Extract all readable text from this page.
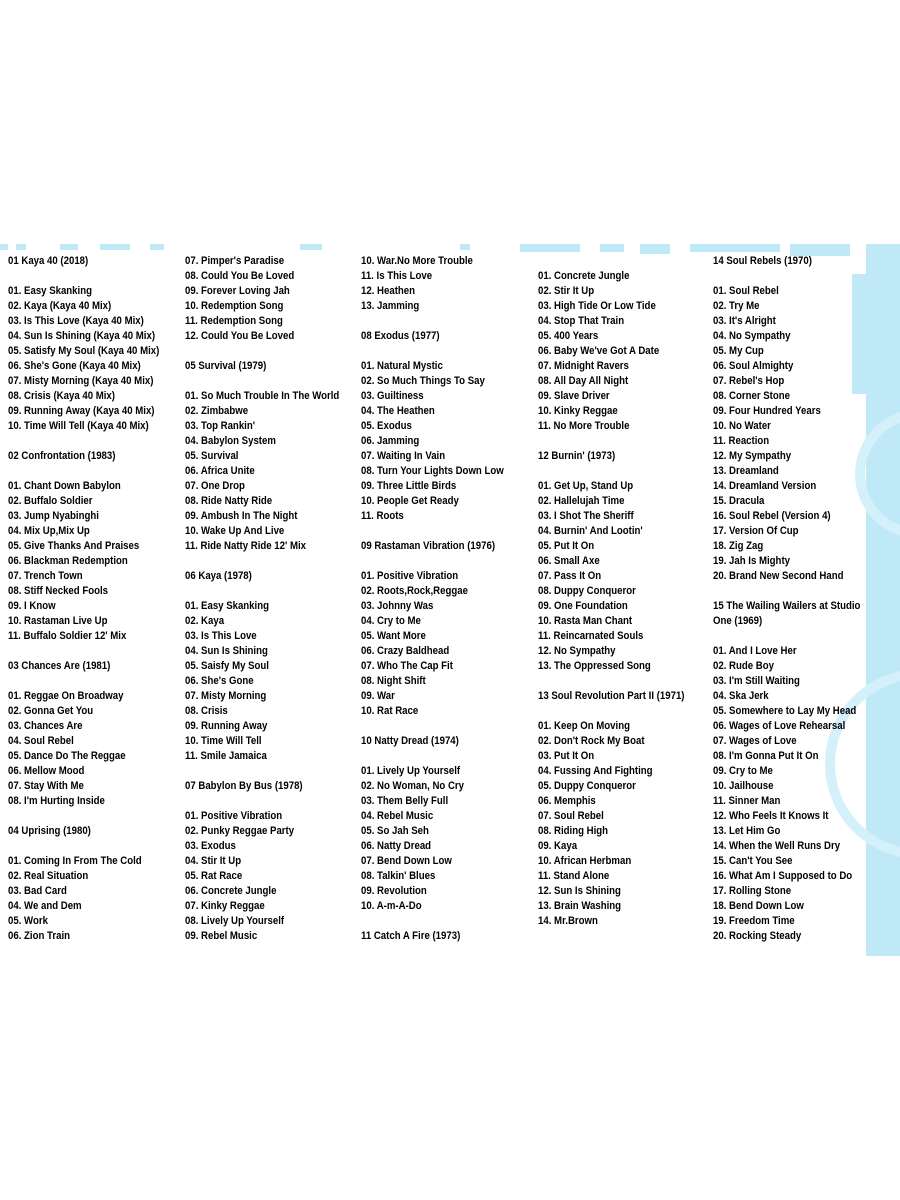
01 Kaya 40 (2018)
01. Easy Skanking
02. Kaya (Kaya 40 Mix)
03. Is This Love (Kaya 40 Mix)
04. Sun Is Shining (Kaya 40 Mix)
05. Satisfy My Soul (Kaya 40 Mix)
06. She's Gone (Kaya 40 Mix)
07. Misty Morning (Kaya 40 Mix)
08. Crisis (Kaya 40 Mix)
09. Running Away (Kaya 40 Mix)
10. Time Will Tell (Kaya 40 Mix)
02 Confrontation (1983)
01. Chant Down Babylon
02. Buffalo Soldier
03. Jump Nyabinghi
04. Mix Up,Mix Up
05. Give Thanks And Praises
06. Blackman Redemption
07. Trench Town
08. Stiff Necked Fools
09. I Know
10. Rastaman Live Up
11. Buffalo Soldier 12' Mix
03 Chances Are (1981)
01. Reggae On Broadway
02. Gonna Get You
03. Chances Are
04. Soul Rebel
05. Dance Do The Reggae
06. Mellow Mood
07. Stay With Me
08. I'm Hurting Inside
04 Uprising (1980)
01. Coming In From The Cold
02. Real Situation
03. Bad Card
04. We and Dem
05. Work
06. Zion Train
07. Pimper's Paradise
08. Could You Be Loved
09. Forever Loving Jah
10. Redemption Song
11. Redemption Song
12. Could You Be Loved
05 Survival (1979)
01. So Much Trouble In The World
02. Zimbabwe
03. Top Rankin'
04. Babylon System
05. Survival
06. Africa Unite
07. One Drop
08. Ride Natty Ride
09. Ambush In The Night
10. Wake Up And Live
11. Ride Natty Ride 12' Mix
06 Kaya (1978)
01. Easy Skanking
02. Kaya
03. Is This Love
04. Sun Is Shining
05. Saisfy My Soul
06. She's Gone
07. Misty Morning
08. Crisis
09. Running Away
10. Time Will Tell
11. Smile Jamaica
07 Babylon By Bus (1978)
01. Positive Vibration
02. Punky Reggae Party
03. Exodus
04. Stir It Up
05. Rat Race
06. Concrete Jungle
07. Kinky Reggae
08. Lively Up Yourself
09. Rebel Music
10. War.No More Trouble
11. Is This Love
12. Heathen
13. Jamming
08 Exodus (1977)
01. Natural Mystic
02. So Much Things To Say
03. Guiltiness
04. The Heathen
05. Exodus
06. Jamming
07. Waiting In Vain
08. Turn Your Lights Down Low
09. Three Little Birds
10. People Get Ready
11. Roots
09 Rastaman Vibration (1976)
01. Positive Vibration
02. Roots,Rock,Reggae
03. Johnny Was
04. Cry to Me
05. Want More
06. Crazy Baldhead
07. Who The Cap Fit
08. Night Shift
09. War
10. Rat Race
10 Natty Dread (1974)
01. Lively Up Yourself
02. No Woman, No Cry
03. Them Belly Full
04. Rebel Music
05. So Jah Seh
06. Natty Dread
07. Bend Down Low
08. Talkin' Blues
09. Revolution
10. A-m-A-Do
11 Catch A Fire (1973)
01. Concrete Jungle
02. Stir It Up
03. High Tide Or Low Tide
04. Stop That Train
05. 400 Years
06. Baby We've Got A Date
07. Midnight Ravers
08. All Day All Night
09. Slave Driver
10. Kinky Reggae
11. No More Trouble
12 Burnin' (1973)
01. Get Up, Stand Up
02. Hallelujah Time
03. I Shot The Sheriff
04. Burnin' And Lootin'
05. Put It On
06. Small Axe
07. Pass It On
08. Duppy Conqueror
09. One Foundation
10. Rasta Man Chant
11. Reincarnated Souls
12. No Sympathy
13. The Oppressed Song
13 Soul Revolution Part II (1971)
01. Keep On Moving
02. Don't Rock My Boat
03. Put It On
04. Fussing And Fighting
05. Duppy Conqueror
06. Memphis
07. Soul Rebel
08. Riding High
09. Kaya
10. African Herbman
11. Stand Alone
12. Sun Is Shining
13. Brain Washing
14. Mr.Brown
14 Soul Rebels (1970)
01. Soul Rebel
02. Try Me
03. It's Alright
04. No Sympathy
05. My Cup
06. Soul Almighty
07. Rebel's Hop
08. Corner Stone
09. Four Hundred Years
10. No Water
11. Reaction
12. My Sympathy
13. Dreamland
14. Dreamland Version
15. Dracula
16. Soul Rebel (Version 4)
17. Version Of Cup
18. Zig Zag
19. Jah Is Mighty
20. Brand New Second Hand
15 The Wailing Wailers at Studio
One (1969)
01. And I Love Her
02. Rude Boy
03. I'm Still Waiting
04. Ska Jerk
05. Somewhere to Lay My Head
06. Wages of Love Rehearsal
07. Wages of Love
08. I'm Gonna Put It On
09. Cry to Me
10. Jailhouse
11. Sinner Man
12. Who Feels It Knows It
13. Let Him Go
14. When the Well Runs Dry
15. Can't You See
16. What Am I Supposed to Do
17. Rolling Stone
18. Bend Down Low
19. Freedom Time
20. Rocking Steady
